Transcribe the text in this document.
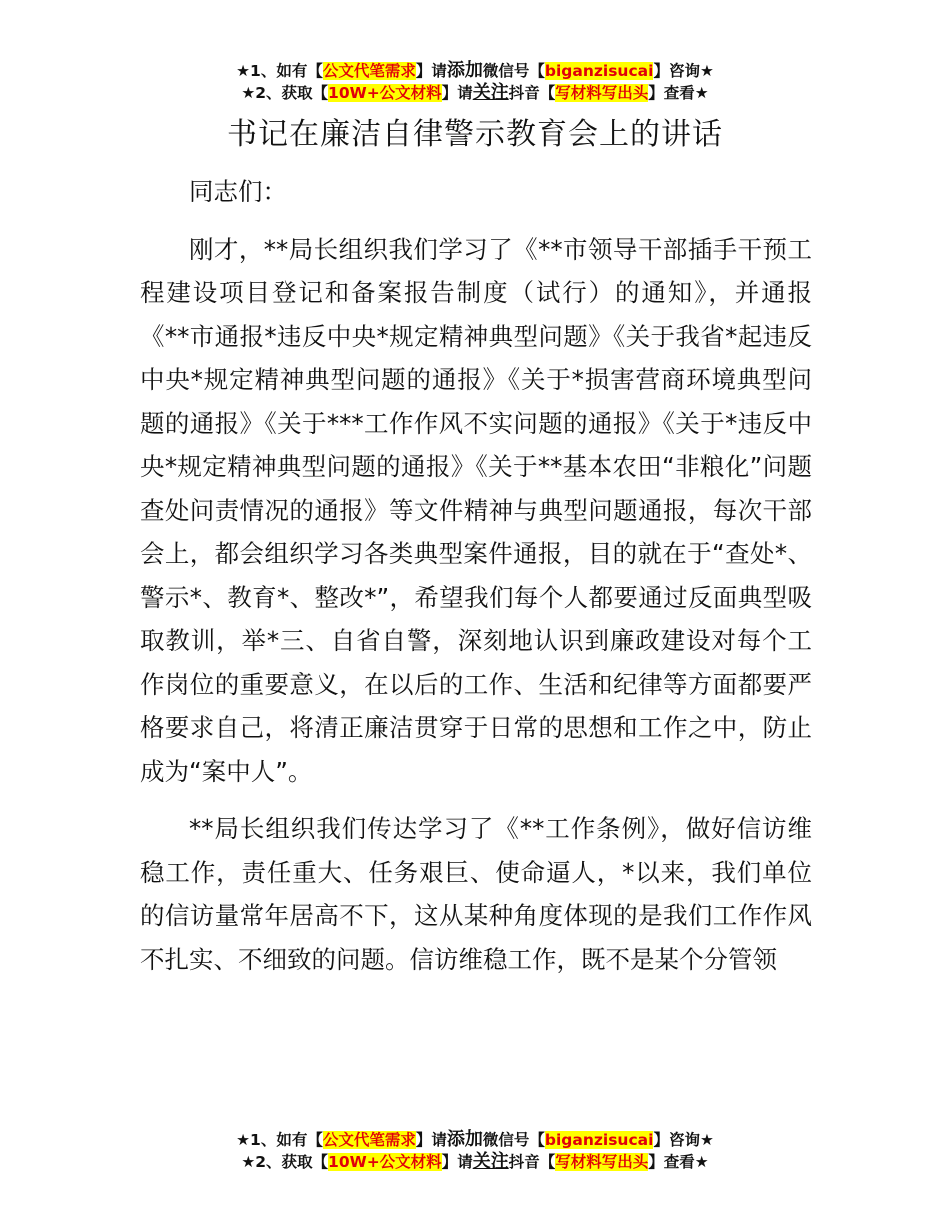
★1、如有【公文代笔需求】请添加微信号【biganzisucai】咨询★
★2、获取【10W+公文材料】请关注抖音【写材料写出头】查看★
书记在廉洁自律警示教育会上的讲话

同志们：

刚才，**局长组织我们学习了《**市领导干部插手干预工程建设项目登记和备案报告制度（试行）的通知》，并通报《**市通报*违反中央*规定精神典型问题》《关于我省*起违反中央*规定精神典型问题的通报》《关于*损害营商环境典型问题的通报》《关于***工作作风不实问题的通报》《关于*违反中央*规定精神典型问题的通报》《关于**基本农田“非粮化”问题查处问责情况的通报》等文件精神与典型问题通报，每次干部会上，都会组织学习各类典型案件通报，目的就在于“查处*、警示*、教育*、整改*”，希望我们每个人都要通过反面典型吸取教训，举*三、自省自警，深刻地认识到廉政建设对每个工作岗位的重要意义，在以后的工作、生活和纪律等方面都要严格要求自己，将清正廉洁贯穿于日常的思想和工作之中，防止成为“案中人”。

**局长组织我们传达学习了《**工作条例》，做好信访维稳工作，责任重大、任务艰巨、使命逼人，*以来，我们单位的信访量常年居高不下，这从某种角度体现的是我们工作作风不扎实、不细致的问题。信访维稳工作，既不是某个分管领

★1、如有【公文代笔需求】请添加微信号【biganzisucai】咨询★
★2、获取【10W+公文材料】请关注抖音【写材料写出头】查看★
